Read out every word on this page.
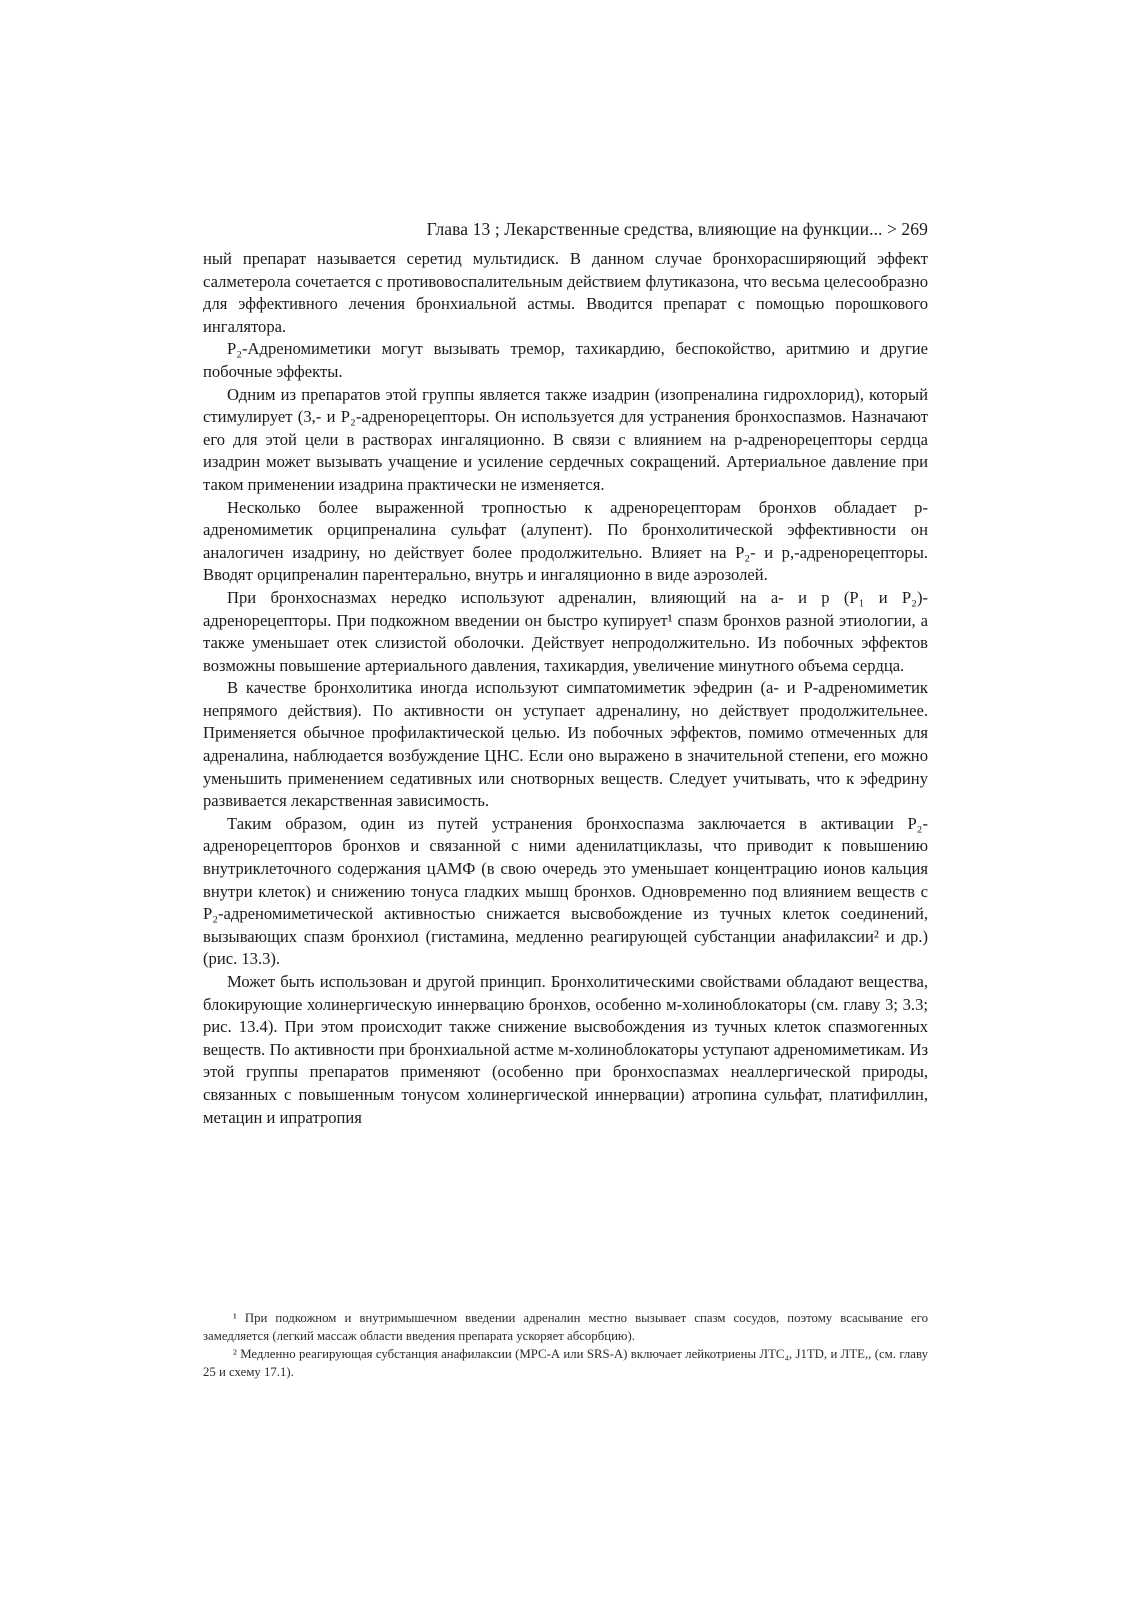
Глава 13 ; Лекарственные средства, влияющие на функции... > 269

ный препарат называется серетид мультидиск. В данном случае бронхорасширяющий эффект салметерола сочетается с противовоспалительным действием флутиказона, что весьма целесообразно для эффективного лечения бронхиальной астмы. Вводится препарат с помощью порошкового ингалятора.

P₂-Адреномиметики могут вызывать тремор, тахикардию, беспокойство, аритмию и другие побочные эффекты.

Одним из препаратов этой группы является также изадрин (изопреналина гидрохлорид), который стимулирует (3,- и P₂-адренорецепторы. Он используется для устранения бронхоспазмов. Назначают его для этой цели в растворах ингаляционно. В связи с влиянием на р-адренорецепторы сердца изадрин может вызывать учащение и усиление сердечных сокращений. Артериальное давление при таком применении изадрина практически не изменяется.

Несколько более выраженной тропностью к адренорецепторам бронхов обладает р-адреномиметик орципреналина сульфат (алупент). По бронхолитической эффективности он аналогичен изадрину, но действует более продолжительно. Влияет на P₂- и p,-адренорецепторы. Вводят орципреналин парентерально, внутрь и ингаляционно в виде аэрозолей.

При бронхосназмах нередко используют адреналин, влияющий на а- и р (P₁ и P₂)-адренорецепторы. При подкожном введении он быстро купирует¹ спазм бронхов разной этиологии, а также уменьшает отек слизистой оболочки. Действует непродолжительно. Из побочных эффектов возможны повышение артериального давления, тахикардия, увеличение минутного объема сердца.

В качестве бронхолитика иногда используют симпатомиметик эфедрин (а- и Р-адреномиметик непрямого действия). По активности он уступает адреналину, но действует продолжительнее. Применяется обычное профилактической целью. Из побочных эффектов, помимо отмеченных для адреналина, наблюдается возбуждение ЦНС. Если оно выражено в значительной степени, его можно уменьшить применением седативных или снотворных веществ. Следует учитывать, что к эфедрину развивается лекарственная зависимость.

Таким образом, один из путей устранения бронхоспазма заключается в активации P₂-адренорецепторов бронхов и связанной с ними аденилатциклазы, что приводит к повышению внутриклеточного содержания цАМФ (в свою очередь это уменьшает концентрацию ионов кальция внутри клеток) и снижению тонуса гладких мышц бронхов. Одновременно под влиянием веществ с P₂-адреномиметической активностью снижается высвобождение из тучных клеток соединений, вызывающих спазм бронхиол (гистамина, медленно реагирующей субстанции анафилаксии² и др.) (рис. 13.3).

Может быть использован и другой принцип. Бронхолитическими свойствами обладают вещества, блокирующие холинергическую иннервацию бронхов, особенно м-холиноблокаторы (см. главу 3; 3.3; рис. 13.4). При этом происходит также снижение высвобождения из тучных клеток спазмогенных веществ. По активности при бронхиальной астме м-холиноблокаторы уступают адреномиметикам. Из этой группы препаратов применяют (особенно при бронхоспазмах неаллергической природы, связанных с повышенным тонусом холинергической иннервации) атропина сульфат, платифиллин, метацин и ипратропия

¹ При подкожном и внутримышечном введении адреналин местно вызывает спазм сосудов, поэтому всасывание его замедляется (легкий массаж области введения препарата ускоряет абсорбцию).

² Медленно реагирующая субстанция анафилаксии (МРС-А или SRS-A) включает лейкотриены ЛТС₄, J1TD, и ЛТЕ,, (см. главу 25 и схему 17.1).
